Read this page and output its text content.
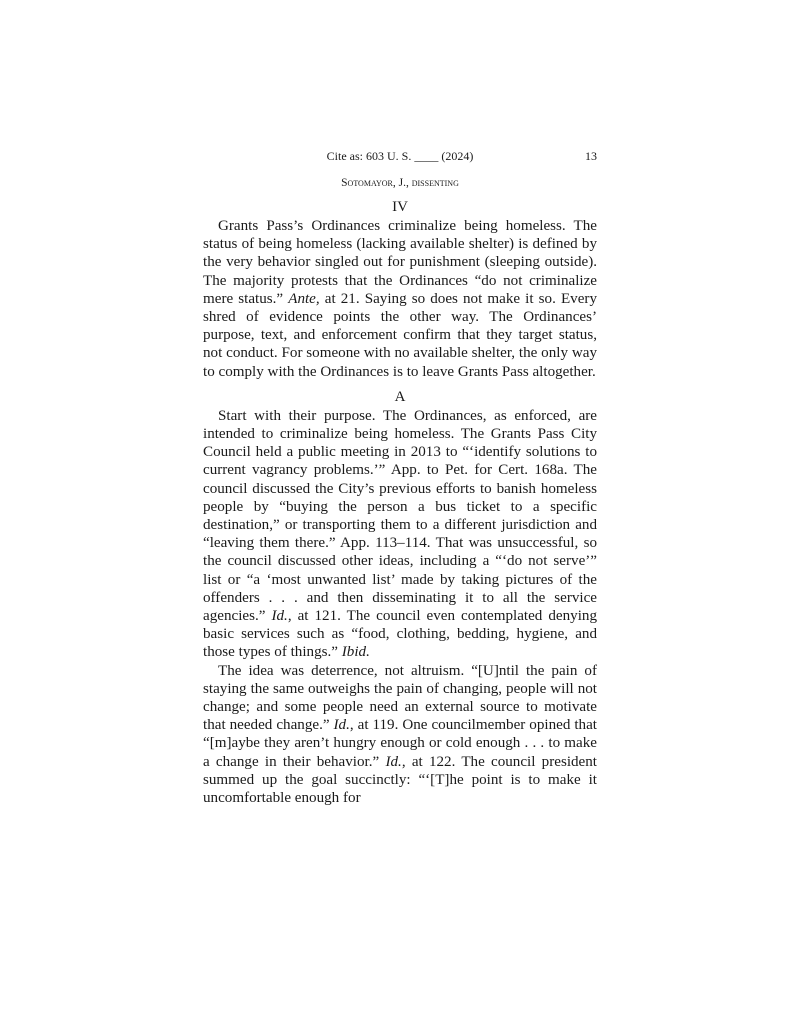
Cite as: 603 U. S. ____ (2024)	13
Sotomayor, J., dissenting
IV

Grants Pass’s Ordinances criminalize being homeless. The status of being homeless (lacking available shelter) is defined by the very behavior singled out for punishment (sleeping outside). The majority protests that the Ordinances “do not criminalize mere status.” Ante, at 21. Saying so does not make it so. Every shred of evidence points the other way. The Ordinances’ purpose, text, and enforcement confirm that they target status, not conduct. For someone with no available shelter, the only way to comply with the Ordinances is to leave Grants Pass altogether.

A

Start with their purpose. The Ordinances, as enforced, are intended to criminalize being homeless. The Grants Pass City Council held a public meeting in 2013 to “‘identify solutions to current vagrancy problems.’” App. to Pet. for Cert. 168a. The council discussed the City’s previous efforts to banish homeless people by “buying the person a bus ticket to a specific destination,” or transporting them to a different jurisdiction and “leaving them there.” App. 113–114. That was unsuccessful, so the council discussed other ideas, including a “‘do not serve’” list or “a ‘most unwanted list’ made by taking pictures of the offenders . . . and then disseminating it to all the service agencies.” Id., at 121. The council even contemplated denying basic services such as “food, clothing, bedding, hygiene, and those types of things.” Ibid.

The idea was deterrence, not altruism. “[U]ntil the pain of staying the same outweighs the pain of changing, people will not change; and some people need an external source to motivate that needed change.” Id., at 119. One councilmember opined that “[m]aybe they aren’t hungry enough or cold enough . . . to make a change in their behavior.” Id., at 122. The council president summed up the goal succinctly: “‘[T]he point is to make it uncomfortable enough for
